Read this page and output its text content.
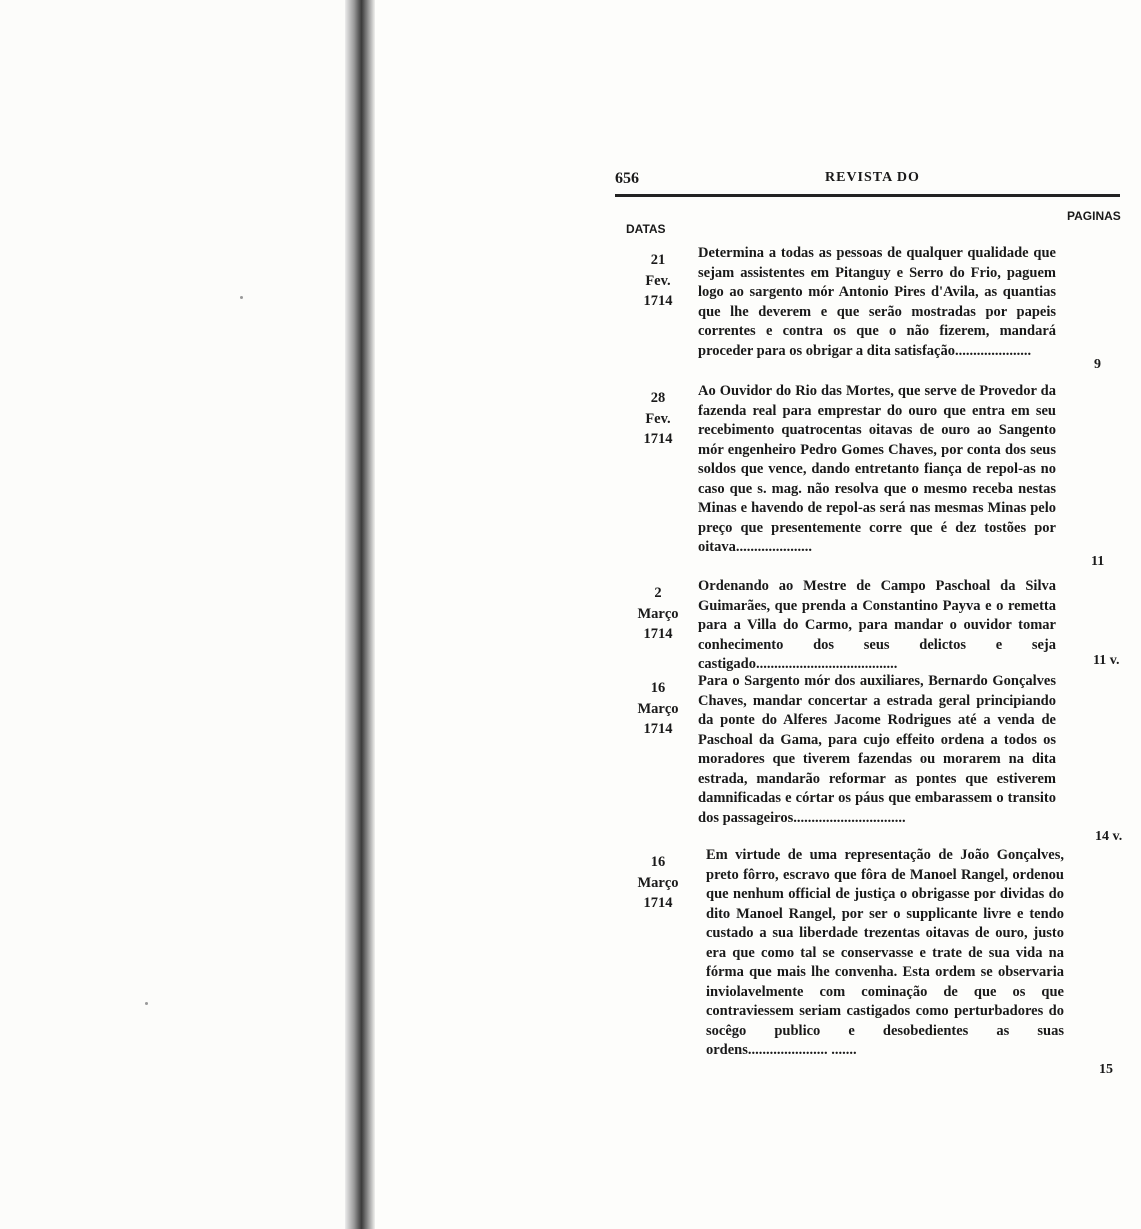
656	REVISTA DO
DATAS
PAGINAS
21
Fev.
1714
Determina a todas as pessoas de qualquer qualidade que sejam assistentes em Pitanguy e Serro do Frio, paguem logo ao sargento mór Antonio Pires d'Avila, as quantias que lhe deverem e que serão mostradas por papeis correntes e contra os que o não fizerem, mandará proceder para os obrigar a dita satisfação.....................
9
28
Fev.
1714
Ao Ouvidor do Rio das Mortes, que serve de Provedor da fazenda real para emprestar do ouro que entra em seu recebimento quatrocentas oitavas de ouro ao Sangento mór engenheiro Pedro Gomes Chaves, por conta dos seus soldos que vence, dando entretanto fiança de repol-as no caso que s. mag. não resolva que o mesmo receba nestas Minas e havendo de repol-as será nas mesmas Minas pelo preço que presentemente corre que é dez tostões por oitava.....................
11
2
Março
1714
Ordenando ao Mestre de Campo Paschoal da Silva Guimarães, que prenda a Constantino Payva e o remetta para a Villa do Carmo, para mandar o ouvidor tomar conhecimento dos seus delictos e seja castigado.......................................	11 v.
16
Março
1714
Para o Sargento mór dos auxiliares, Bernardo Gonçalves Chaves, mandar concertar a estrada geral principiando da ponte do Alferes Jacome Rodrigues até a venda de Paschoal da Gama, para cujo effeito ordena a todos os moradores que tiverem fazendas ou morarem na dita estrada, mandarão reformar as pontes que estiverem damnificadas e córtar os páus que embarassem o transito dos passageiros...............................
14 v.
16
Março
1714
Em virtude de uma representação de João Gonçalves, preto fôrro, escravo que fôra de Manoel Rangel, ordenou que nenhum official de justiça o obrigasse por dividas do dito Manoel Rangel, por ser o supplicante livre e tendo custado a sua liberdade trezentas oitavas de ouro, justo era que como tal se conservasse e trate de sua vida na fórma que mais lhe convenha. Esta ordem se observaria inviolavelmente com cominação de que os que contraviessem seriam castigados como perturbadores do socêgo publico e desobedientes as suas ordens...................... .......
15
